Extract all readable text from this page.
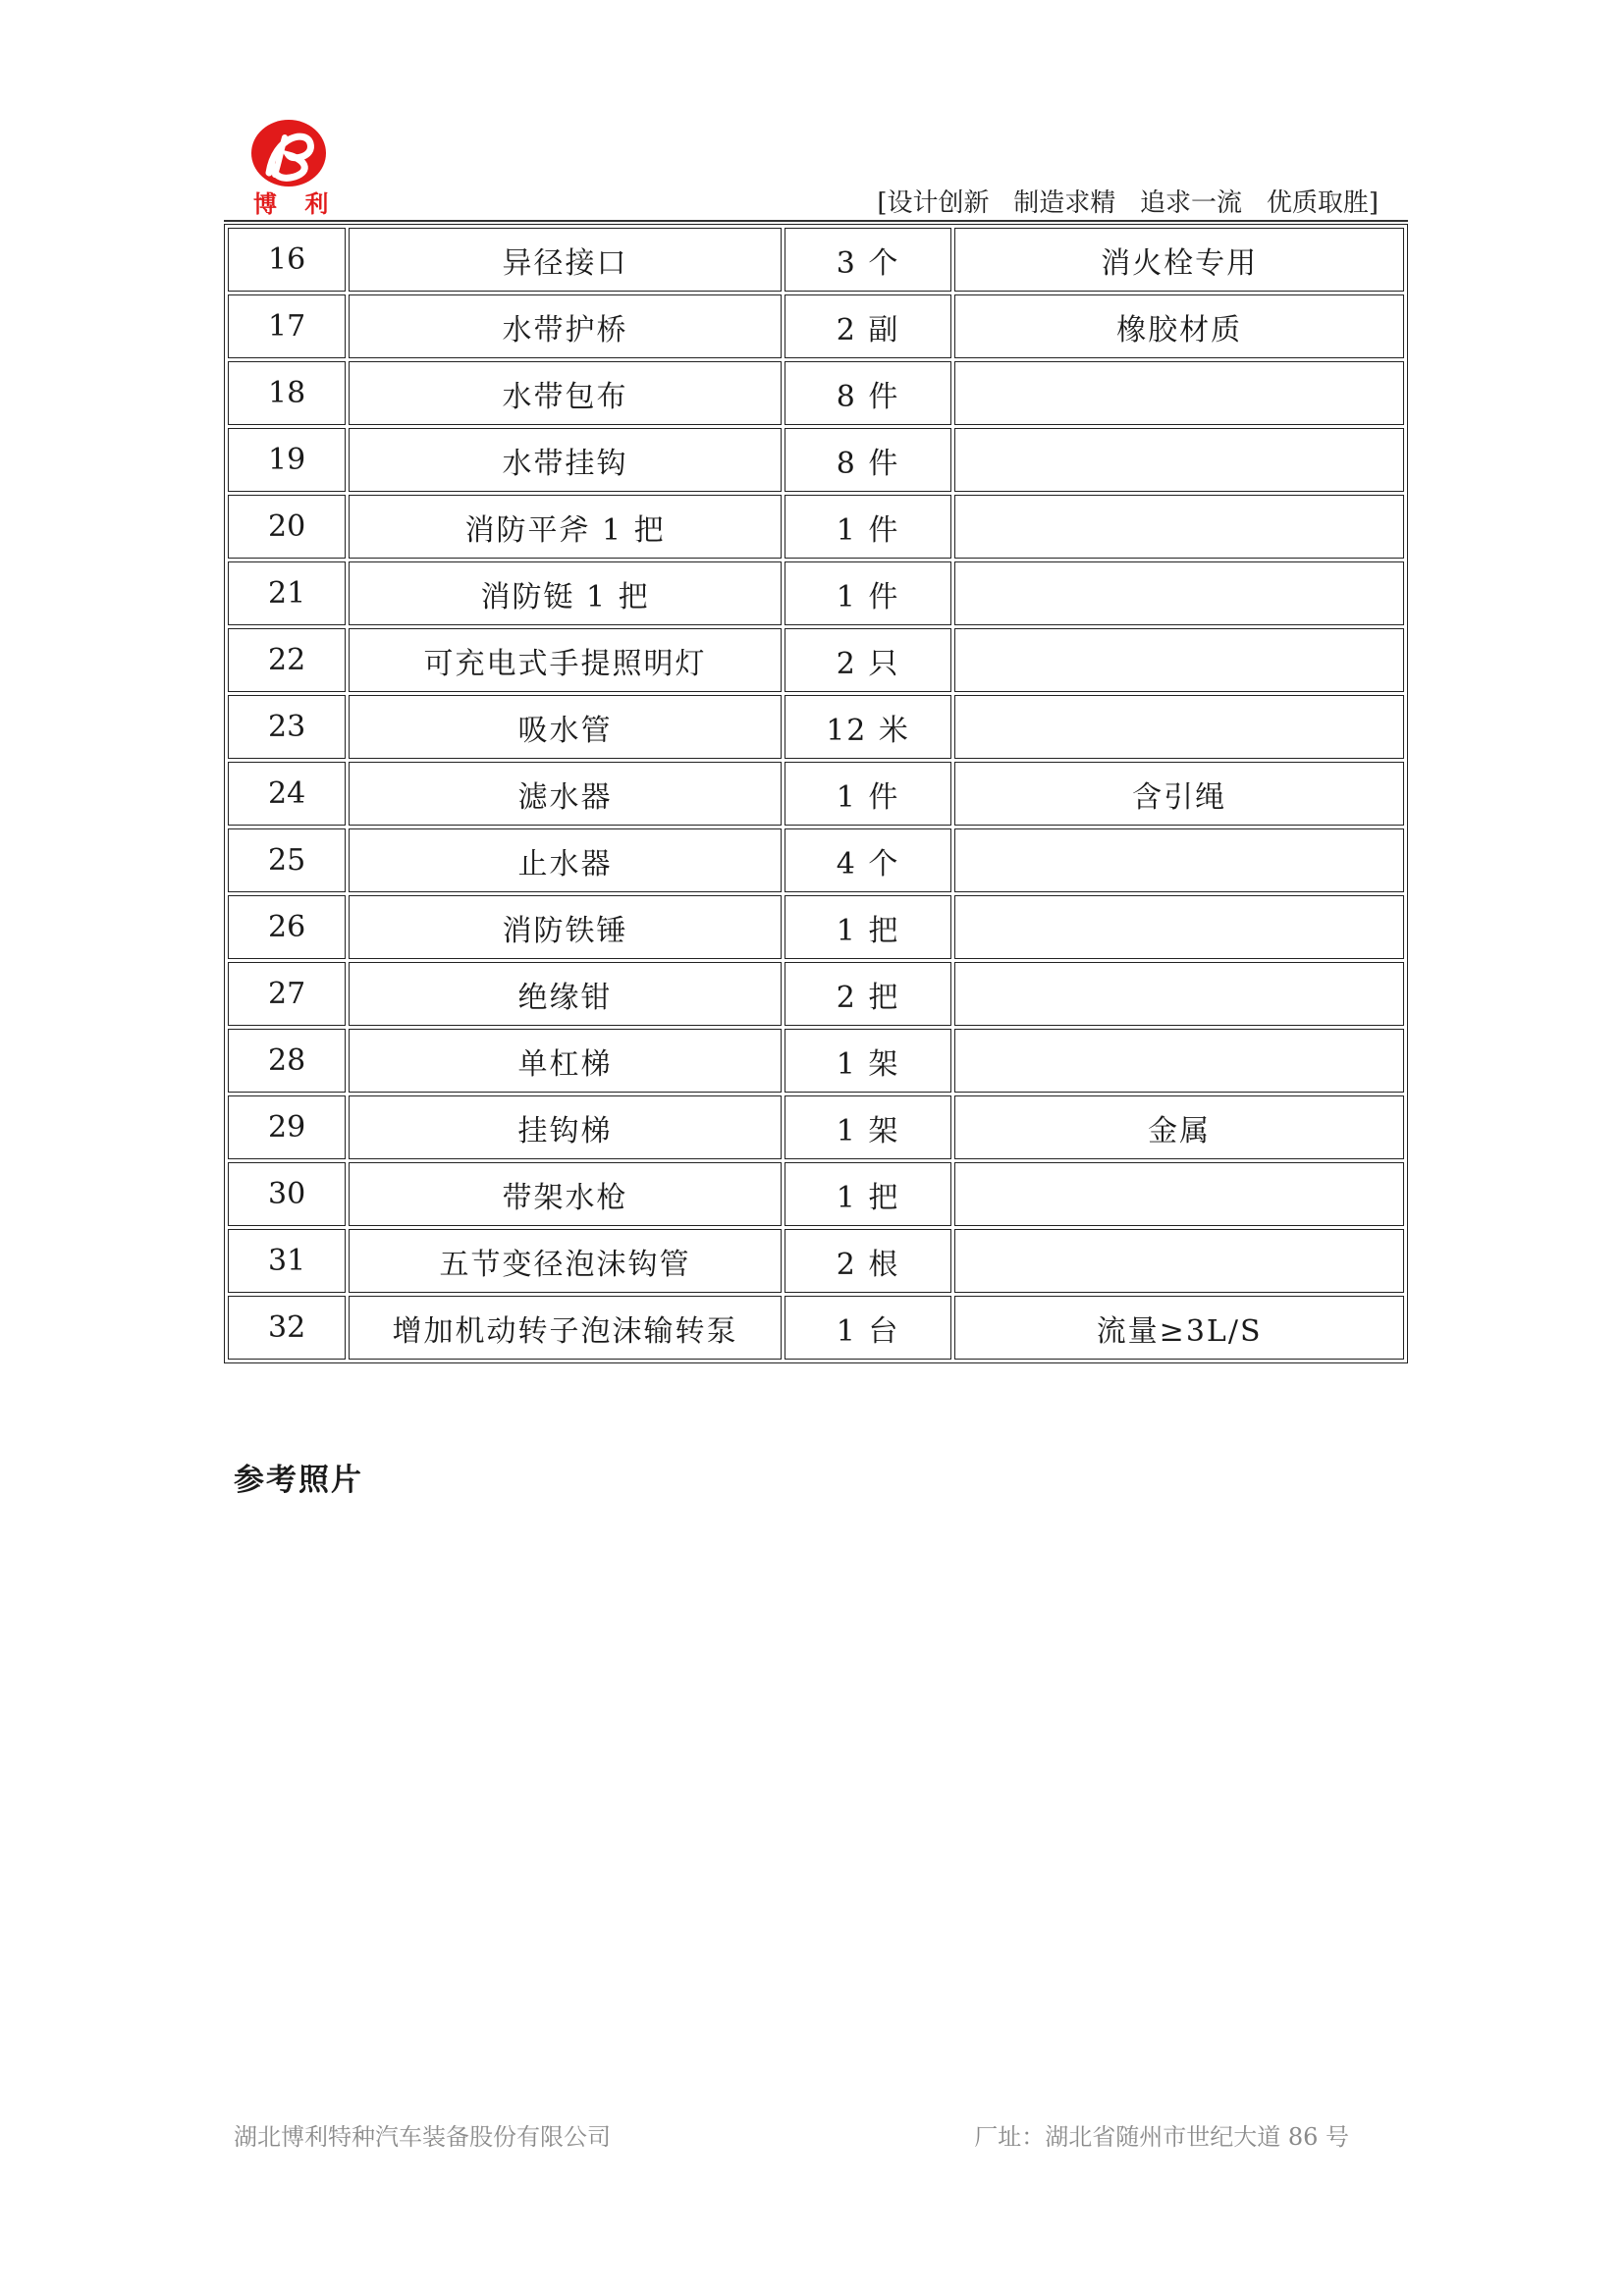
博 利	[设计创新   制造求精   追求一流   优质取胜]
16	异径接口	3 个	消火栓专用
17	水带护桥	2 副	橡胶材质
18	水带包布	8 件	
19	水带挂钩	8 件	
20	消防平斧 1 把	1 件	
21	消防铤 1 把	1 件	
22	可充电式手提照明灯	2 只	
23	吸水管	12 米	
24	滤水器	1 件	含引绳
25	止水器	4 个	
26	消防铁锤	1 把	
27	绝缘钳	2 把	
28	单杠梯	1 架	
29	挂钩梯	1 架	金属
30	带架水枪	1 把	
31	五节变径泡沫钩管	2 根	
32	增加机动转子泡沫输转泵	1 台	流量≥3L/S
参考照片
湖北博利特种汽车装备股份有限公司	厂址：湖北省随州市世纪大道 86 号
